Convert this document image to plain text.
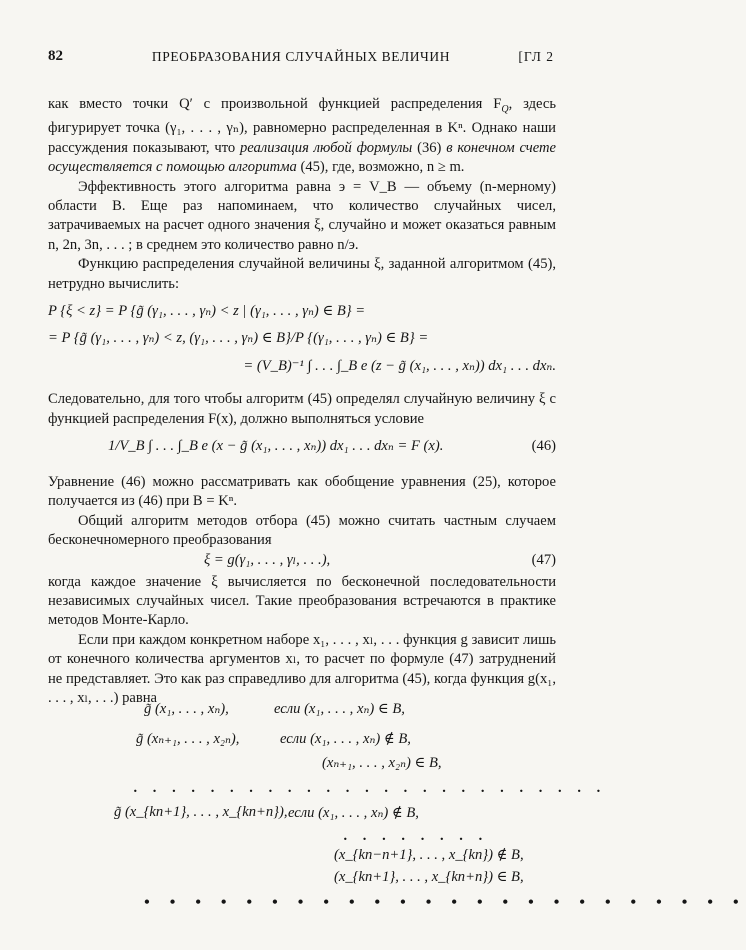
82	ПРЕОБРАЗОВАНИЯ СЛУЧАЙНЫХ ВЕЛИЧИН	[ГЛ 2

как вместо точки Q′ с произвольной функцией распределения $F_Q$, здесь фигурирует точка (γ₁, . . . , γₙ), равномерно распределенная в Kⁿ. Однако наши рассуждения показывают, что реализация любой формулы (36) в конечном счете осуществляется с помощью алгоритма (45), где, возможно, n ≥ m.

Эффективность этого алгоритма равна э = V_B — объему (n-мерному) области B. Еще раз напоминаем, что количество случайных чисел, затрачиваемых на расчет одного значения ξ, случайно и может оказаться равным n, 2n, 3n, . . . ; в среднем это количество равно n/э.

Функцию распределения случайной величины ξ, заданной алгоритмом (45), нетрудно вычислить:

P {ξ < z} = P {g̃ (γ₁, . . . , γₙ) < z | (γ₁, . . . , γₙ) ∈ B} =

= P {g̃ (γ₁, . . . , γₙ) < z, (γ₁, . . . , γₙ) ∈ B}/P {(γ₁, . . . , γₙ) ∈ B} =

= (V_B)⁻¹ ∫ . . . ∫_B e (z − g̃ (x₁, . . . , xₙ)) dx₁ . . . dxₙ.

Следовательно, для того чтобы алгоритм (45) определял случайную величину ξ с функцией распределения F(x), должно выполняться условие

1/V_B ∫ . . . ∫_B e (x − g̃ (x₁, . . . , xₙ)) dx₁ . . . dxₙ = F (x).	(46)

Уравнение (46) можно рассматривать как обобщение уравнения (25), которое получается из (46) при B = Kⁿ.

Общий алгоритм методов отбора (45) можно считать частным случаем бесконечномерного преобразования

ξ = g(γ₁, . . . , γₗ, . . .),	(47)

когда каждое значение ξ вычисляется по бесконечной последовательности независимых случайных чисел. Такие преобразования встречаются в практике методов Монте-Карло.

Если при каждом конкретном наборе x₁, . . . , xₗ, . . . функция g зависит лишь от конечного количества аргументов xₗ, то расчет по формуле (47) затруднений не представляет. Это как раз справедливо для алгоритма (45), когда функция g(x₁, . . . , xₗ, . . .) равна

g̃ (x₁, . . . , xₙ),	если (x₁, . . . , xₙ) ∈ B,
g̃ (xₙ₊₁, . . . , x₂ₙ),	если (x₁, . . . , xₙ) ∉ B,
(xₙ₊₁, . . . , x₂ₙ) ∈ B,
. . . . . . . . . . . . . . . . . . . . . . . . .
g̃ (x_{kn+1}, . . . , x_{kn+n}), если (x₁, . . . , xₙ) ∉ B,
. . . . . . . .
(x_{kn−n+1}, . . . , x_{kn}) ∉ B,
(x_{kn+1}, . . . , x_{kn+n}) ∈ B,
• • • • • • • • • • • • • • • • • • • • • • • •
